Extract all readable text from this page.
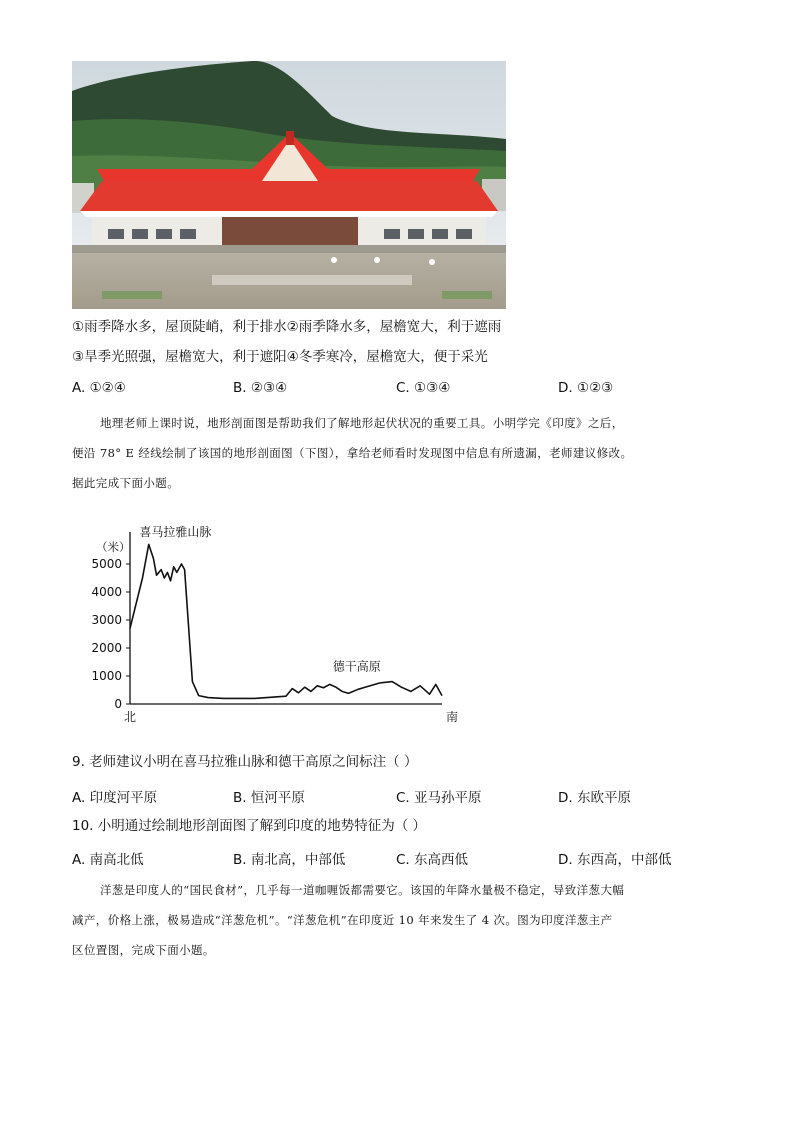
①雨季降水多，屋顶陡峭，利于排水②雨季降水多，屋檐宽大，利于遮雨
③旱季光照强，屋檐宽大，利于遮阳④冬季寒冷，屋檐宽大，便于采光
A. ①②④	B. ②③④	C. ①③④	D. ①②③
地理老师上课时说，地形剖面图是帮助我们了解地形起伏状况的重要工具。小明学完《印度》之后，
便沿 78° E 经线绘制了该国的地形剖面图（下图），拿给老师看时发现图中信息有所遗漏，老师建议修改。
据此完成下面小题。
0
1000
2000
3000
4000
5000
（米）
北	南
喜马拉雅山脉
德干高原
9. 老师建议小明在喜马拉雅山脉和德干高原之间标注（ ）
A. 印度河平原	B. 恒河平原	C. 亚马孙平原	D. 东欧平原
10. 小明通过绘制地形剖面图了解到印度的地势特征为（ ）
A. 南高北低	B. 南北高，中部低	C. 东高西低	D. 东西高，中部低
洋葱是印度人的“国民食材”，几乎每一道咖喱饭都需要它。该国的年降水量极不稳定，导致洋葱大幅
减产，价格上涨，极易造成“洋葱危机”。“洋葱危机”在印度近 10 年来发生了 4 次。图为印度洋葱主产
区位置图，完成下面小题。
